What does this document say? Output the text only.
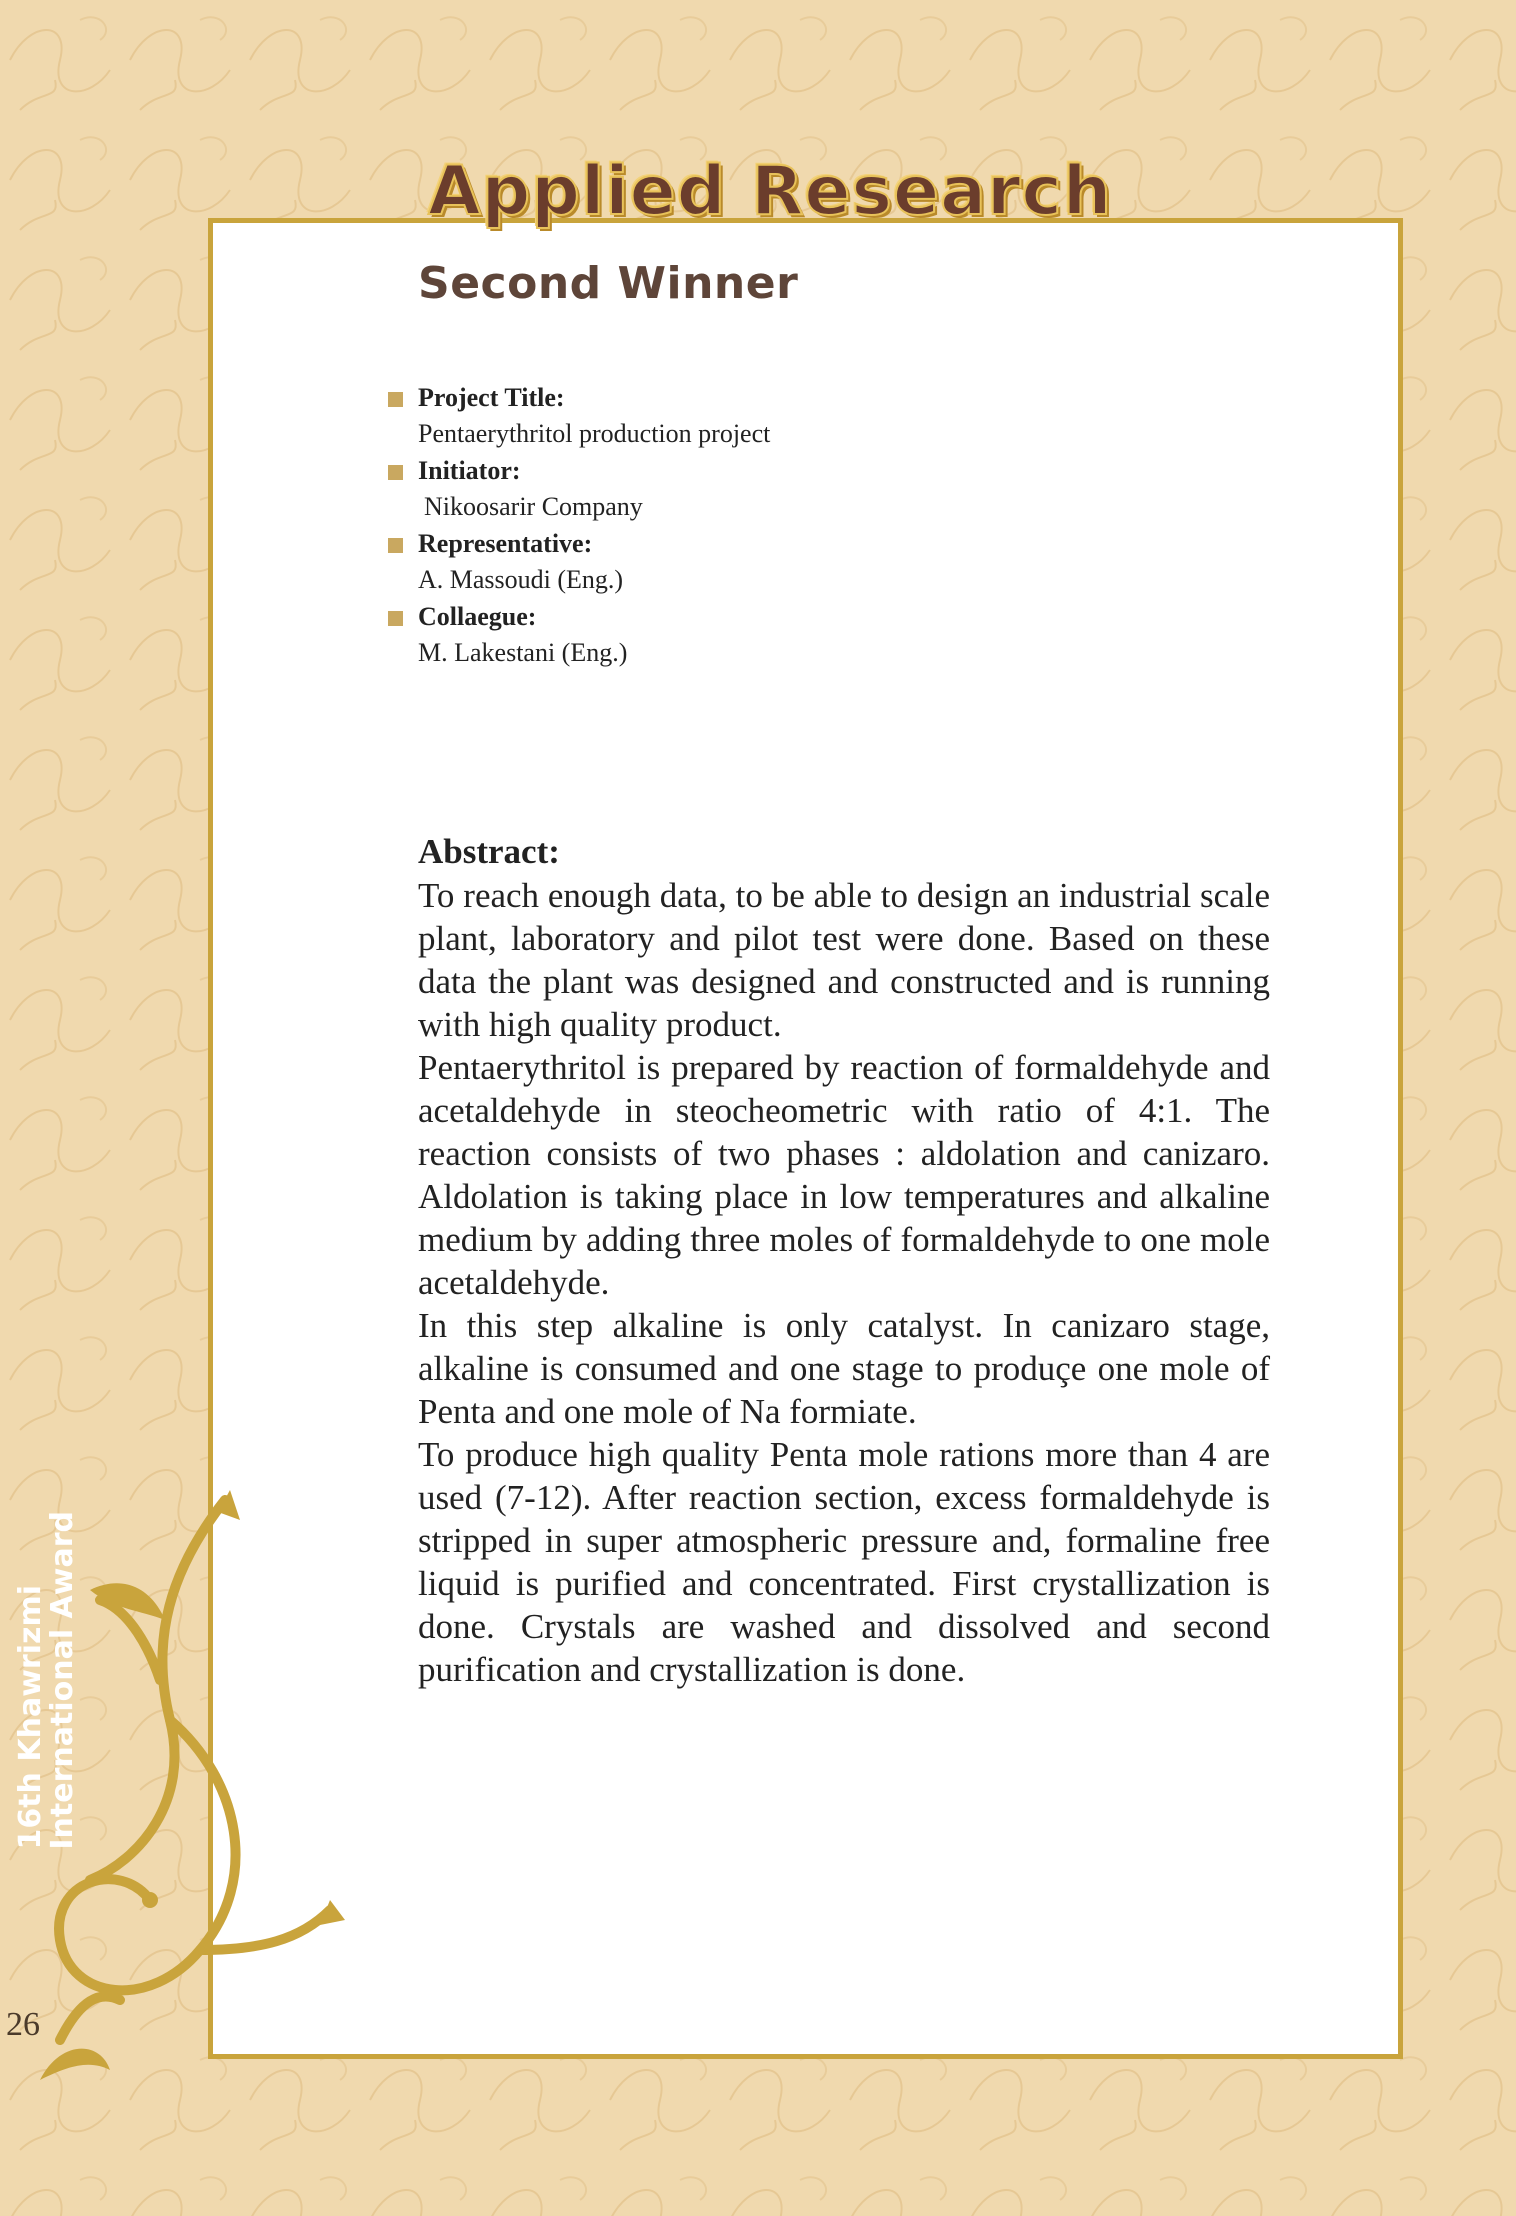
16th Khawrizmi
International Award
Applied Research
Second Winner
Project Title:
Pentaerythritol production project
Initiator:
Nikoosarir Company
Representative:
A. Massoudi (Eng.)
Collaegue:
M. Lakestani (Eng.)
Abstract:

To reach enough data, to be able to design an industrial scale plant, laboratory and pilot test were done. Based on these data the plant was designed and constructed and is running with high quality product.

Pentaerythritol is prepared by reaction of formaldehyde and acetaldehyde in steocheometric with ratio of 4:1. The reaction consists of two phases : aldolation and canizaro. Aldolation is taking place in low temperatures and alkaline medium by adding three moles of formaldehyde to one mole acetaldehyde.

In this step alkaline is only catalyst. In canizaro stage, alkaline is consumed and one stage to produçe one mole of Penta and one mole of Na formiate.

To produce high quality Penta mole rations more than 4 are used (7-12). After reaction section, excess formaldehyde is stripped in super atmospheric pressure and, formaline free liquid is purified and concentrated. First crystallization is done. Crystals are washed and dissolved and second purification and crystallization is done.

26
